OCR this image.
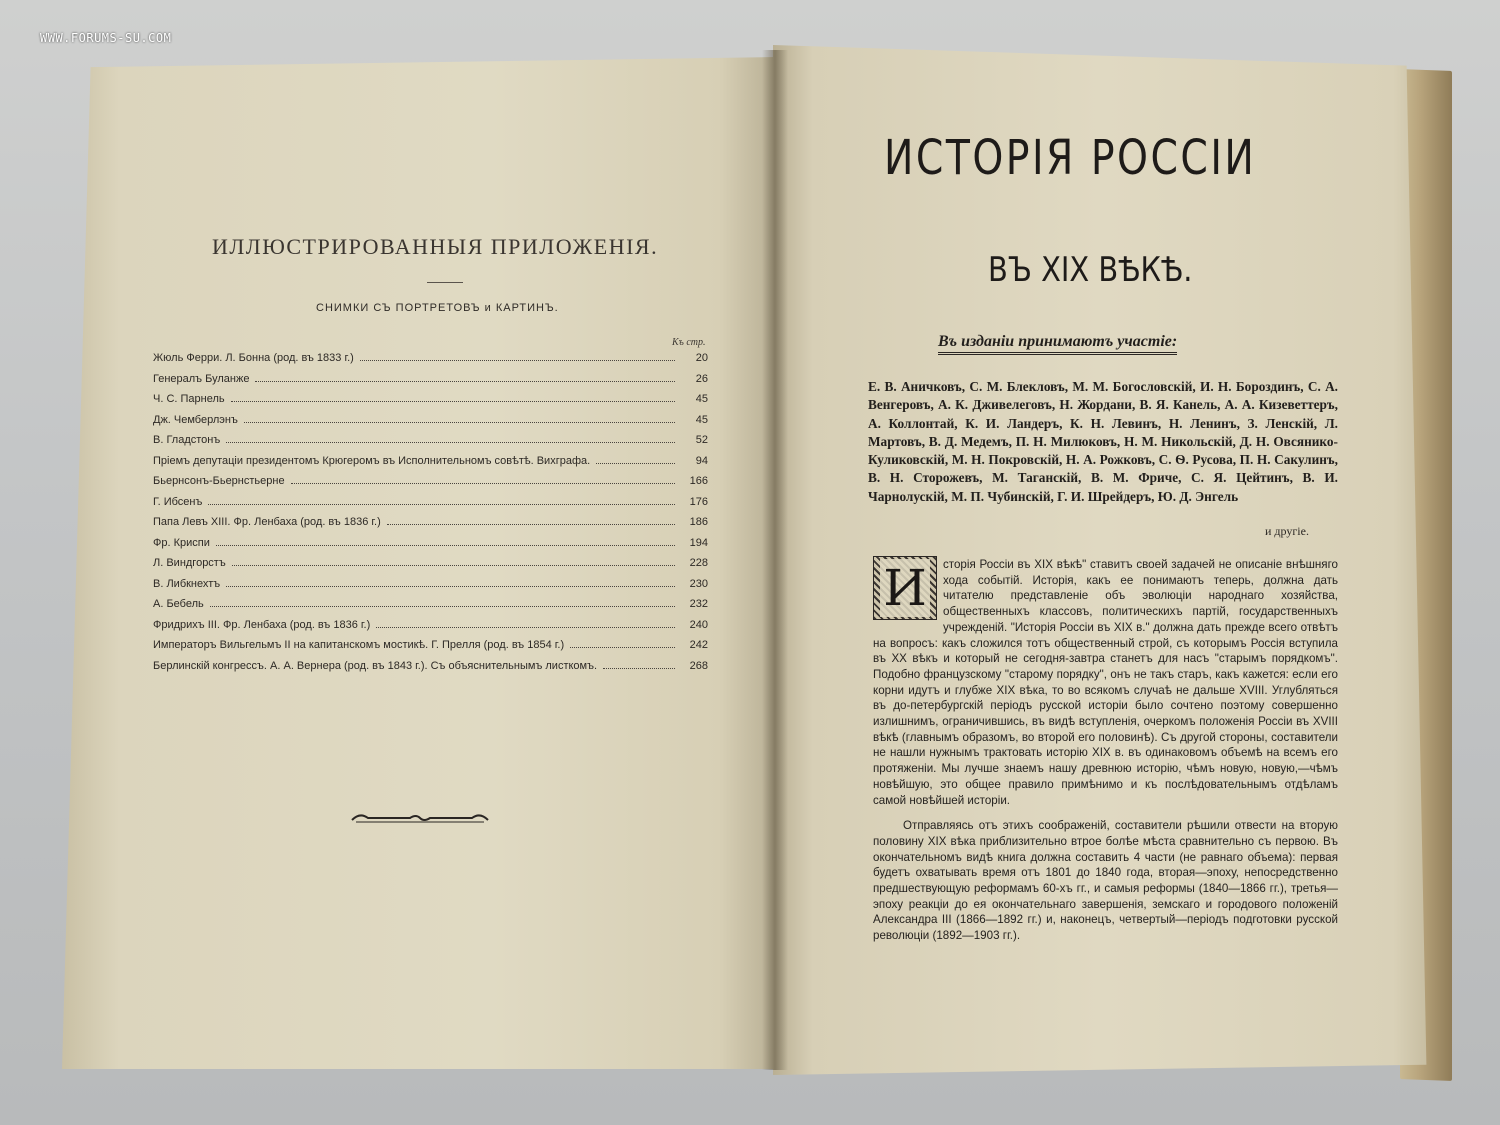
WWW.FORUMS-SU.COM
ИЛЛЮСТРИРОВАННЫЯ ПРИЛОЖЕНІЯ.
СНИМКИ СЪ ПОРТРЕТОВЪ и КАРТИНЪ.
Къ стр.
Жюль Ферри. Л. Бонна (род. въ 1833 г.)	20
Генералъ Буланже	26
Ч. С. Парнель	45
Дж. Чемберлэнъ	45
В. Гладстонъ	52
Пріемъ депутаціи президентомъ Крюгеромъ въ Исполнительномъ совѣтѣ. Вихграфа.	94
Бьернсонъ-Бьернстьерне	166
Г. Ибсенъ	176
Папа Левъ XIII. Фр. Ленбаха (род. въ 1836 г.)	186
Фр. Криспи	194
Л. Виндгорстъ	228
В. Либкнехтъ	230
А. Бебель	232
Фридрихъ III. Фр. Ленбаха (род. въ 1836 г.)	240
Императоръ Вильгельмъ II на капитанскомъ мостикѣ. Г. Прелля (род. въ 1854 г.)	242
Берлинскій конгрессъ. А. А. Вернера (род. въ 1843 г.). Съ объяснительнымъ листкомъ.	268
ИСТОРІЯ РОССІИ
ВЪ XIX ВѢКѢ.
Въ изданіи принимаютъ участіе:
Е. В. Аничковъ, С. М. Блекловъ, М. М. Богословскій, И. Н. Бороздинъ, С. А. Венгеровъ, А. К. Дживелеговъ, Н. Жордани, В. Я. Канель, А. А. Кизеветтеръ, А. Коллонтай, К. И. Ландеръ, К. Н. Левинъ, Н. Ленинъ, З. Ленскій, Л. Мартовъ, В. Д. Медемъ, П. Н. Милюковъ, Н. М. Никольскій, Д. Н. Овсянико-Куликовскій, М. Н. Покровскій, Н. А. Рожковъ, С. Ѳ. Русова, П. Н. Сакулинъ, В. Н. Сторожевъ, М. Таганскій, В. М. Фриче, С. Я. Цейтинъ, В. И. Чарнолускій, М. П. Чубинскій, Г. И. Шрейдеръ, Ю. Д. Энгель
и другіе.
сторія Россіи въ XIX вѣкѣ" ставитъ своей задачей не описаніе внѣшняго хода событій. Исторія, какъ ее понимаютъ теперь, должна дать читателю представленіе объ эволюціи народнаго хозяйства, общественныхъ классовъ, политическихъ партій, государственныхъ учрежденій. "Исторія Россіи въ XIX в." должна дать прежде всего отвѣтъ на вопросъ: какъ сложился тотъ общественный строй, съ которымъ Россія вступила въ XX вѣкъ и который не сегодня-завтра станетъ для насъ "старымъ порядкомъ". Подобно французскому "старому порядку", онъ не такъ старъ, какъ кажется: если его корни идутъ и глубже XIX вѣка, то во всякомъ случаѣ не дальше XVIII. Углубляться въ до-петербургскій періодъ русской исторіи было сочтено поэтому совершенно излишнимъ, ограничившись, въ видѣ вступленія, очеркомъ положенія Россіи въ XVIII вѣкѣ (главнымъ образомъ, во второй его половинѣ). Съ другой стороны, составители не нашли нужнымъ трактовать исторію XIX в. въ одинаковомъ объемѣ на всемъ его протяженіи. Мы лучше знаемъ нашу древнюю исторію, чѣмъ новую, новую,—чѣмъ новѣйшую, это общее правило примѣнимо и къ послѣдовательнымъ отдѣламъ самой новѣйшей исторіи.
Отправляясь отъ этихъ соображеній, составители рѣшили отвести на вторую половину XIX вѣка приблизительно втрое болѣе мѣста сравнительно съ первою. Въ окончательномъ видѣ книга должна составить 4 части (не равнаго объема): первая будетъ охватывать время отъ 1801 до 1840 года, вторая—эпоху, непосредственно предшествующую реформамъ 60-хъ гг., и самыя реформы (1840—1866 гг.), третья—эпоху реакціи до ея окончательнаго завершенія, земскаго и городового положеній Александра III (1866—1892 гг.) и, наконецъ, четвертый—періодъ подготовки русской революціи (1892—1903 гг.).
И
